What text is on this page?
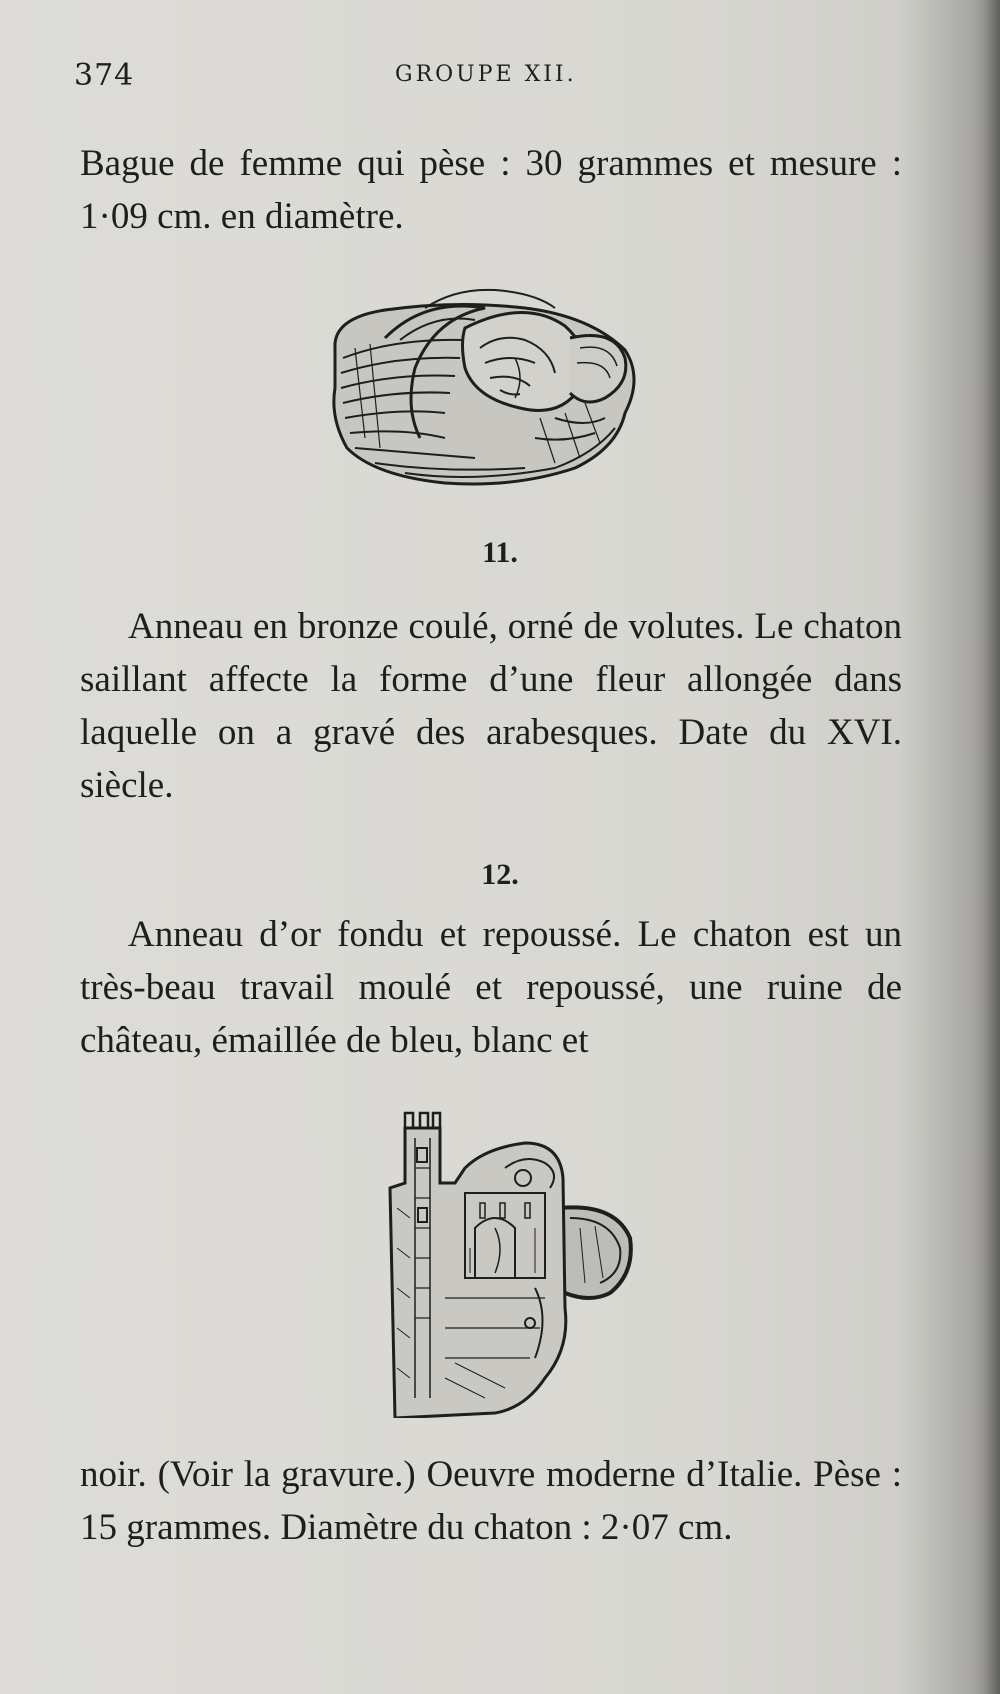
374	GROUPE XII.

Bague de femme qui pèse : 30 grammes et mesure : 1·09 cm. en diamètre.

11.

Anneau en bronze coulé, orné de volutes. Le chaton saillant affecte la forme d’une fleur allongée dans laquelle on a gravé des arabesques. Date du XVI. siècle.

12.

Anneau d’or fondu et repoussé. Le chaton est un très-beau travail moulé et repoussé, une ruine de château, émaillée de bleu, blanc et

noir. (Voir la gravure.) Oeuvre moderne d’Italie. Pèse : 15 grammes. Diamètre du chaton : 2·07 cm.
